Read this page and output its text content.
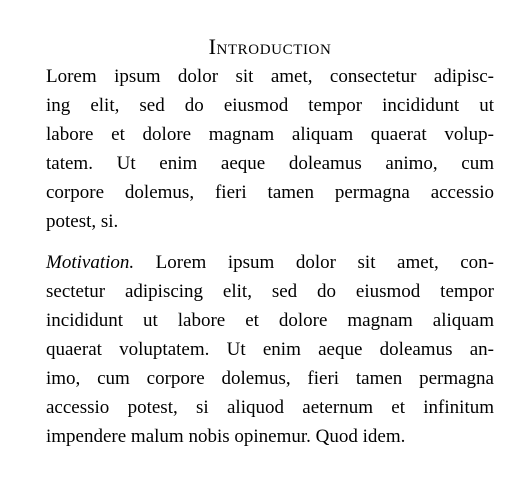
Introduction

Lorem ipsum dolor sit amet, consectetur adipisc-
ing elit, sed do eiusmod tempor incididunt ut
labore et dolore magnam aliquam quaerat volup-
tatem. Ut enim aeque doleamus animo, cum
corpore dolemus, fieri tamen permagna accessio
potest, si.

Motivation. Lorem ipsum dolor sit amet, con-
sectetur adipiscing elit, sed do eiusmod tempor
incididunt ut labore et dolore magnam aliquam
quaerat voluptatem. Ut enim aeque doleamus an-
imo, cum corpore dolemus, fieri tamen permagna
accessio potest, si aliquod aeternum et infinitum
impendere malum nobis opinemur. Quod idem.
